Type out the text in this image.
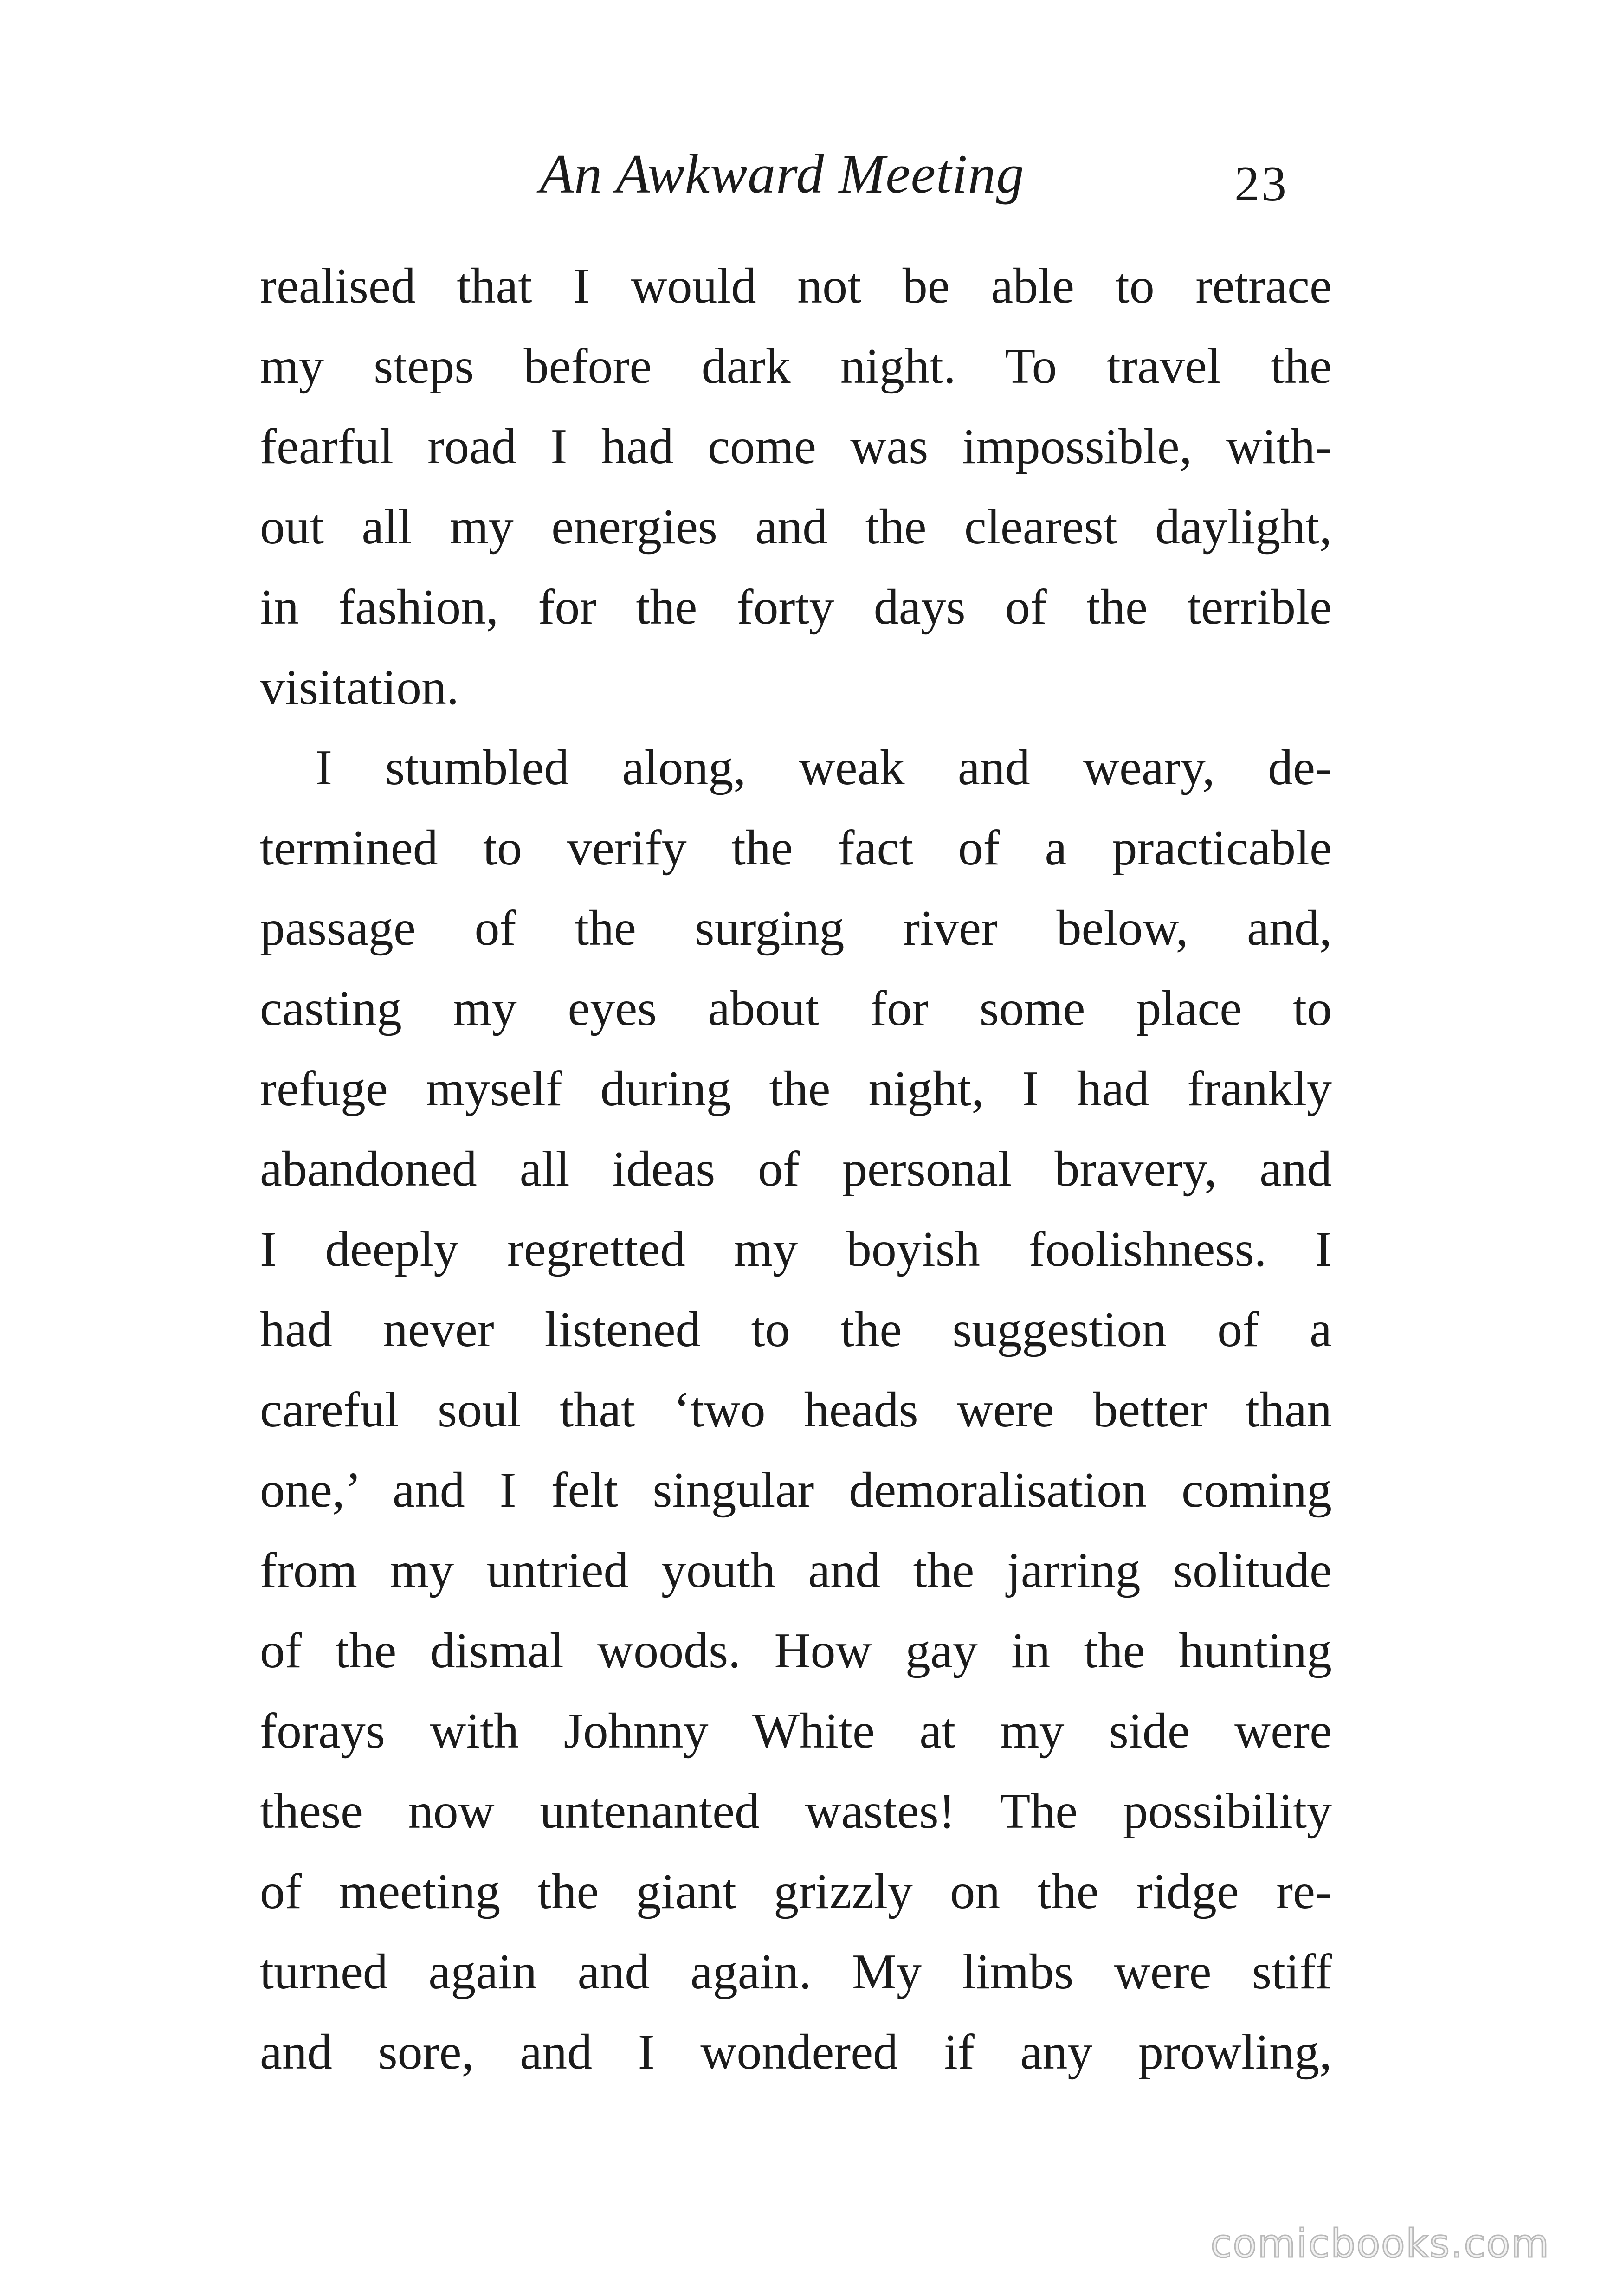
An Awkward Meeting	23
realised that I would not be able to retrace
my steps before dark night. To travel the
fearful road I had come was impossible, with-
out all my energies and the clearest daylight,
in fashion, for the forty days of the terrible
visitation.
I stumbled along, weak and weary, de-
termined to verify the fact of a practicable
passage of the surging river below, and,
casting my eyes about for some place to
refuge myself during the night, I had frankly
abandoned all ideas of personal bravery, and
I deeply regretted my boyish foolishness. I
had never listened to the suggestion of a
careful soul that ‘two heads were better than
one,’ and I felt singular demoralisation coming
from my untried youth and the jarring solitude
of the dismal woods. How gay in the hunting
forays with Johnny White at my side were
these now untenanted wastes! The possibility
of meeting the giant grizzly on the ridge re-
turned again and again. My limbs were stiff
and sore, and I wondered if any prowling,
comicbooks.com
